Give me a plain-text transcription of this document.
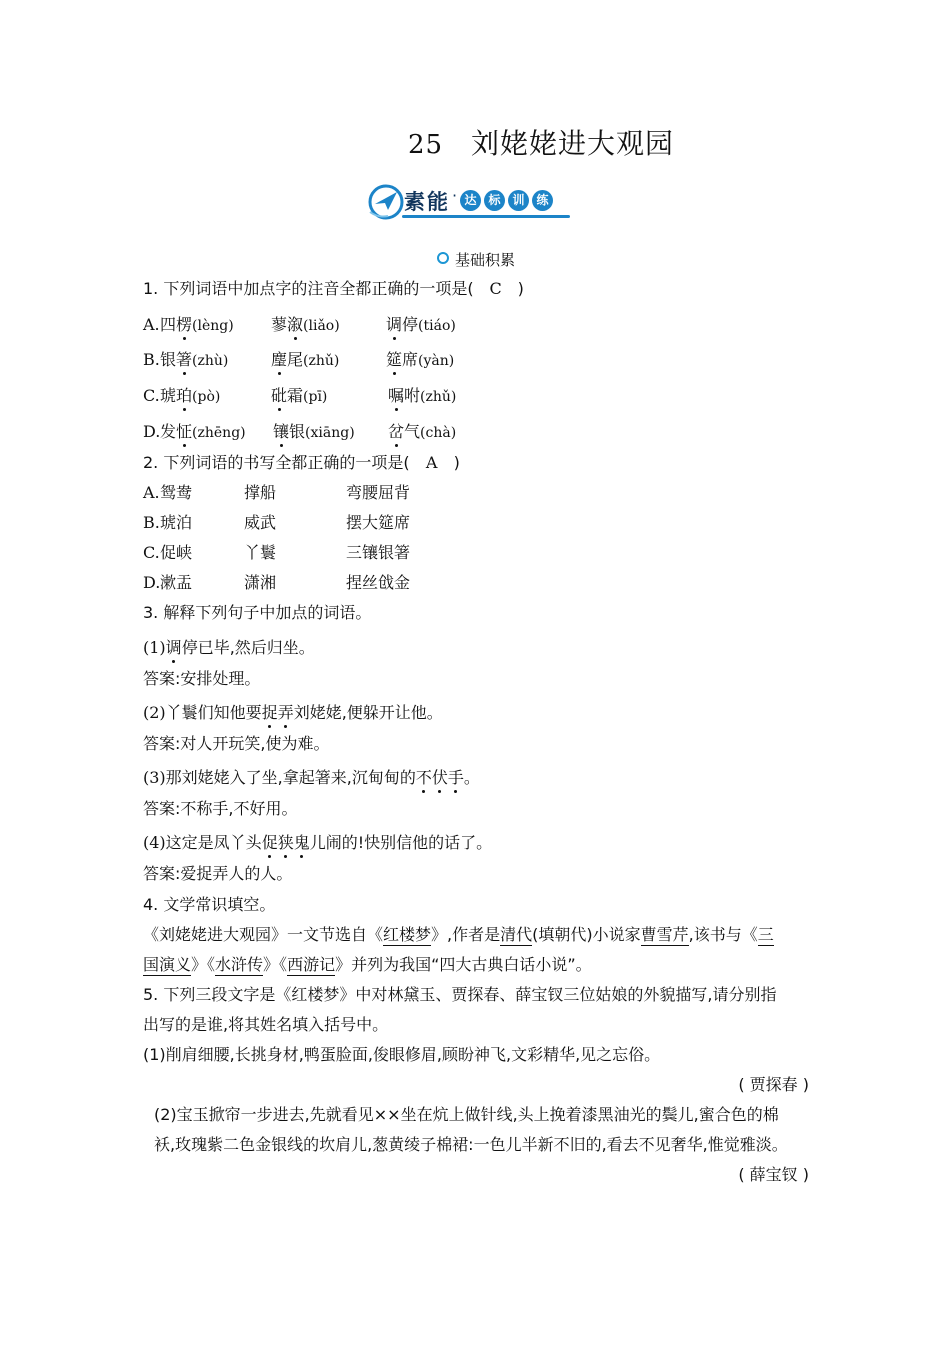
25 刘姥姥进大观园
素能 · 达 标 训 练
基础积累
1. 下列词语中加点字的注音全都正确的一项是( C )
A. 四楞(lèng) 蓼溆(liǎo)	调停(tiáo)
B. 银箸(zhù)	麈尾(zhǔ)	筵席(yàn)
C. 琥珀(pò)	砒霜(pī)	嘱咐(zhǔ)
D. 发怔(zhēng) 镶银(xiāng) 岔气(chà)
2. 下列词语的书写全都正确的一项是( A )
A. 鸳鸯	撑船	弯腰屈背
B. 琥泊	威武	摆大筵席
C. 促峡	丫鬟	三镶银箸
D. 漱盂	潇湘	捏丝戗金
3. 解释下列句子中加点的词语。
(1)调停已毕,然后归坐。
答案:安排处理。
(2)丫鬟们知他要捉弄刘姥姥,便躲开让他。
答案:对人开玩笑,使为难。
(3)那刘姥姥入了坐,拿起箸来,沉甸甸的不伏手。
答案:不称手,不好用。
(4)这定是凤丫头促狭鬼儿闹的!快别信他的话了。
答案:爱捉弄人的人。
4. 文学常识填空。
《刘姥姥进大观园》一文节选自《红楼梦》,作者是清代(填朝代)小说家曹雪芹,该书与《三
国演义》《水浒传》《西游记》并列为我国“四大古典白话小说”。
5. 下列三段文字是《红楼梦》中对林黛玉、贾探春、薛宝钗三位姑娘的外貌描写,请分别指
出写的是谁,将其姓名填入括号中。
(1)削肩细腰,长挑身材,鸭蛋脸面,俊眼修眉,顾盼神飞,文彩精华,见之忘俗。
( 贾探春 )
(2)宝玉掀帘一步进去,先就看见××坐在炕上做针线,头上挽着漆黑油光的鬓儿,蜜合色的棉
袄,玫瑰紫二色金银线的坎肩儿,葱黄绫子棉裙:一色儿半新不旧的,看去不见奢华,惟觉雅淡。
( 薛宝钗 )
